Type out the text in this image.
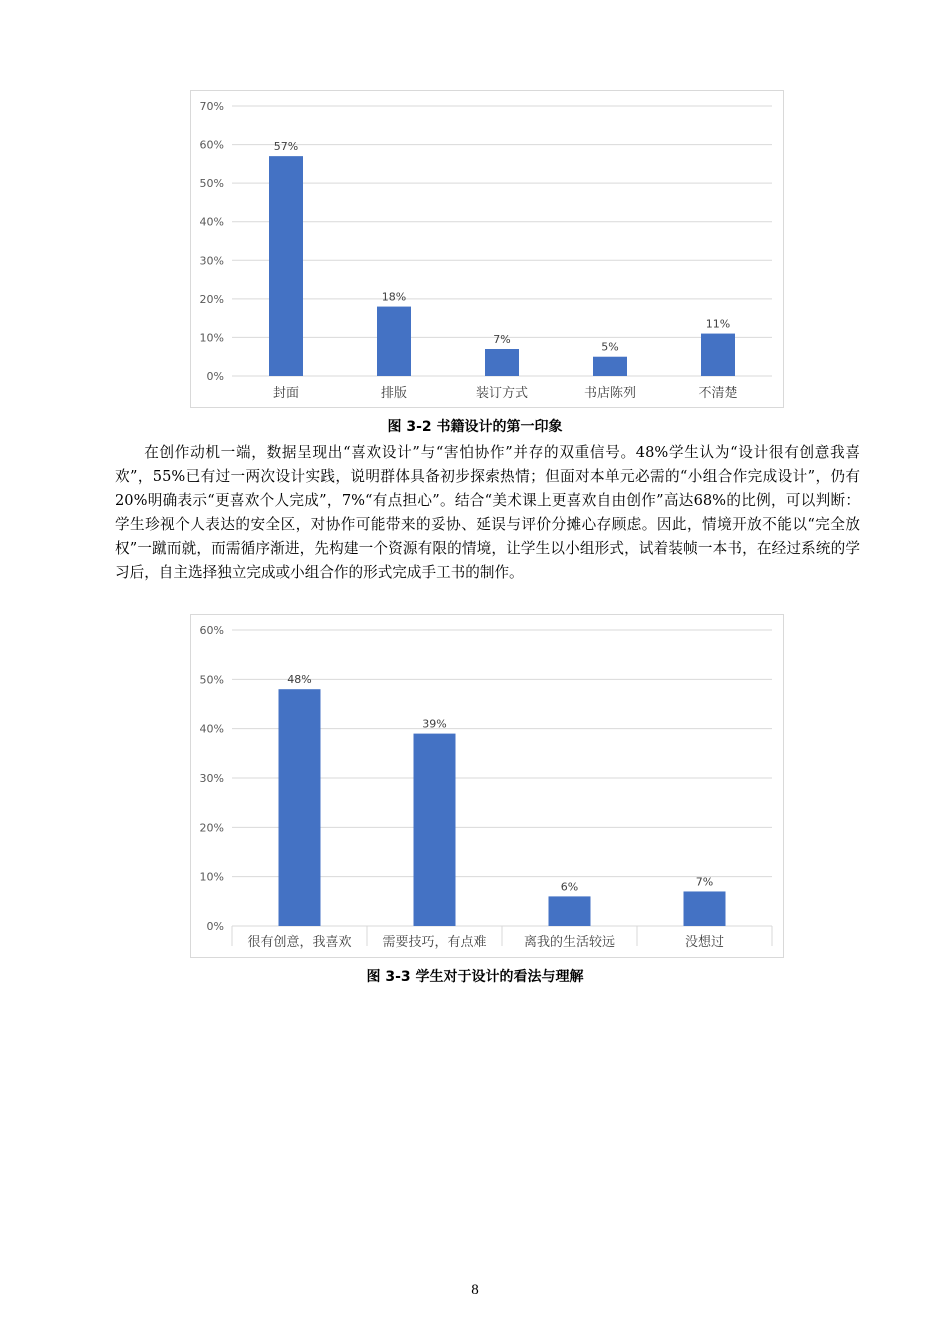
0%
10%
20%
30%
40%
50%
60%
70%
57%
封面
18%
排版
7%
装订方式
5%
书店陈列
11%
不清楚
图 3-2 书籍设计的第一印象

在创作动机一端，数据呈现出“喜欢设计”与“害怕协作”并存的双重信号。48%学生认为“设计很有创意我喜欢”，55%已有过一两次设计实践，说明群体具备初步探索热情；但面对本单元必需的“小组合作完成设计”，仍有20%明确表示“更喜欢个人完成”，7%“有点担心”。结合“美术课上更喜欢自由创作”高达68%的比例，可以判断：学生珍视个人表达的安全区，对协作可能带来的妥协、延误与评价分摊心存顾虑。因此，情境开放不能以“完全放权”一蹴而就，而需循序渐进，先构建一个资源有限的情境，让学生以小组形式，试着装帧一本书，在经过系统的学习后，自主选择独立完成或小组合作的形式完成手工书的制作。

0%
10%
20%
30%
40%
50%
60%
48%
很有创意，我喜欢
39%
需要技巧，有点难
6%
离我的生活较远
7%
没想过
图 3-3 学生对于设计的看法与理解
8
